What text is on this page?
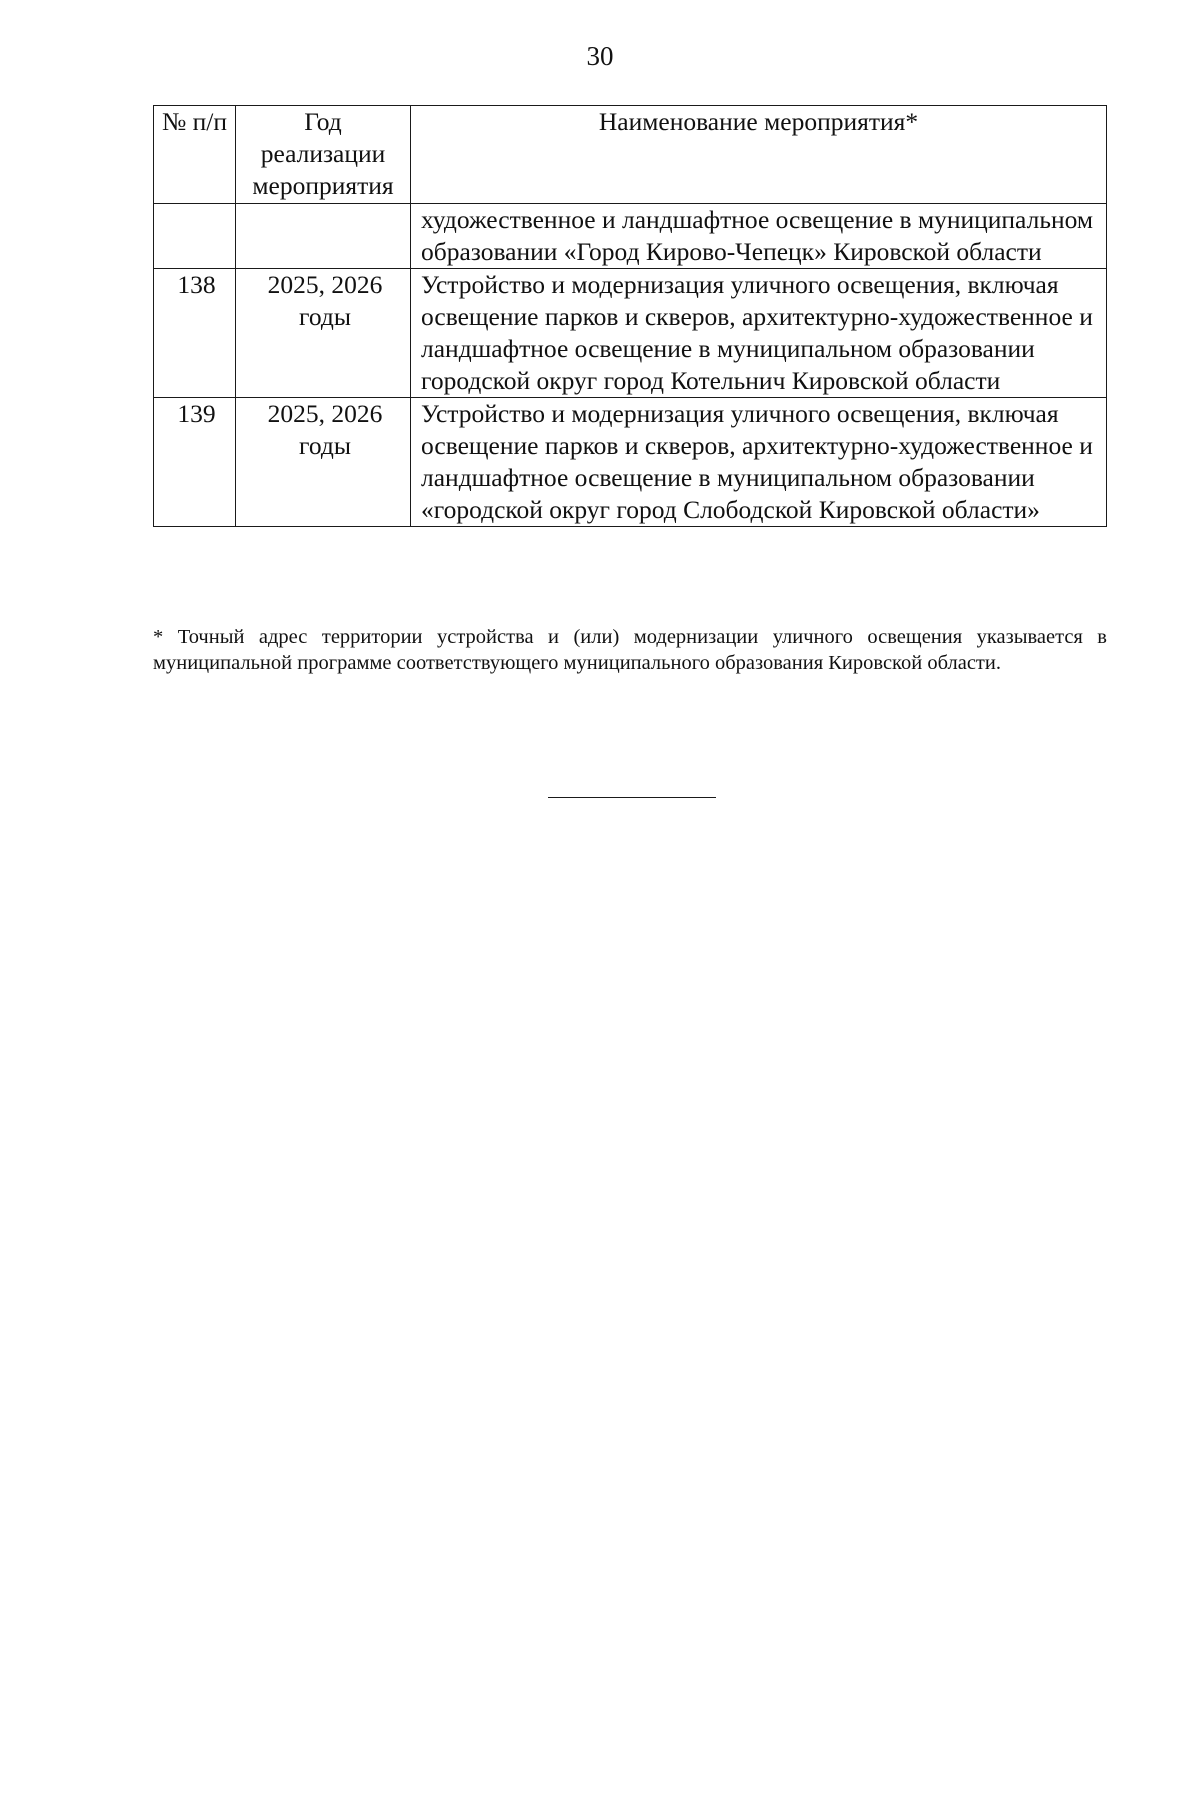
30
№ п/п	Год реализации мероприятия	Наименование мероприятия*
		художественное и ландшафтное освещение в муниципальном образовании «Город Кирово-Чепецк» Кировской области
138	2025, 2026 годы	Устройство и модернизация уличного освещения, включая освещение парков и скверов, архитектурно-художественное и ландшафтное освещение в муниципальном образовании городской округ город Котельнич Кировской области
139	2025, 2026 годы	Устройство и модернизация уличного освещения, включая освещение парков и скверов, архитектурно-художественное и ландшафтное освещение в муниципальном образовании «городской округ город Слободской Кировской области»
* Точный адрес территории устройства и (или) модернизации уличного освещения указывается в муниципальной программе соответствующего муниципального образования Кировской области.
